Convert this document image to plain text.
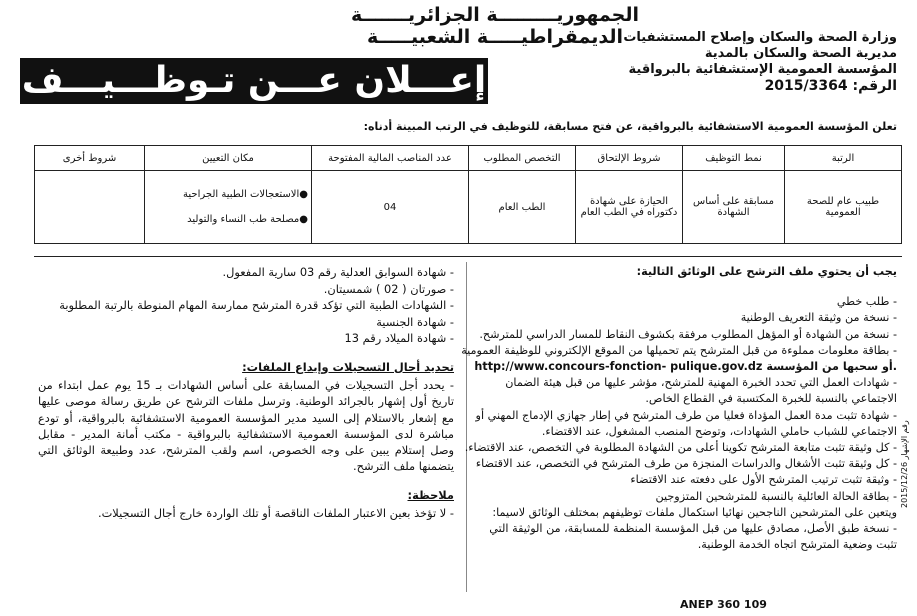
الجمهوريـــــــــة الجزائريـــــــة الديمقراطيـــــة الشعبيـــــة وزارة الصحة والسكان وإصلاح المستشفيات
مديرية الصحة والسكان بالمدية
المؤسسة العمومية الإستشفائية بالبرواقية
الرقم: 2015/3364
إعـــلان عـــن تـوظـــيـــف
تعلن المؤسسة العمومية الاستشفائية بالبرواقية، عن فتح مسابقة، للتوظيف في الرتب المبينة أدناه:
الرتبة	نمط التوظيف	شروط الإلتحاق	التخصص المطلوب	عدد المناصب المالية المفتوحة	مكان التعيين	شروط أخرى
طبيب عام للصحة العمومية	مسابقة على أساس الشهادة	الحيازة على شهادة دكتوراه في الطب العام	الطب العام	04	●الاستعجالات الطبية الجراحية
●مصلحة طب النساء والتوليد	

يجب أن يحتوي ملف الترشح على الوثائق التالية:
- طلب خطي
- نسخة من وثيقة التعريف الوطنية
- نسخة من الشهادة أو المؤهل المطلوب مرفقة بكشوف النقاط للمسار الدراسي للمترشح.
- بطاقة معلومات مملوءة من قبل المترشح يتم تحميلها من الموقع الإلكتروني للوظيفة العمومية
http://www.concours-fonction- pulique.gov.dz أو سحبها من المؤسسة.
- شهادات العمل التي تحدد الخبرة المهنية للمترشح، مؤشر عليها من قبل هيئة الضمان
الاجتماعي بالنسبة للخبرة المكتسبة في القطاع الخاص.
- شهادة تثبت مدة العمل المؤداة فعليا من طرف المترشح في إطار جهازي الإدماج المهني أو
الاجتماعي للشباب حاملي الشهادات، وتوضح المنصب المشغول، عند الاقتضاء.
- كل وثيقة تثبت متابعة المترشح تكوينا أعلى من الشهادة المطلوبة في التخصص، عند الاقتضاء.
- كل وثيقة تثبت الأشغال والدراسات المنجزة من طرف المترشح في التخصص، عند الاقتضاء
- وثيقة تثبت ترتيب المترشح الأول على دفعته عند الاقتضاء
- بطاقة الحالة العائلية بالنسبة للمترشحين المتزوجين
ويتعين على المترشحين الناجحين نهائيا استكمال ملفات توظيفهم بمختلف الوثائق لاسيما:
- نسخة طبق الأصل، مصادق عليها من قبل المؤسسة المنظمة للمسابقة، من الوثيقة التي
تثبت وضعية المترشح اتجاه الخدمة الوطنية.
- شهادة السوابق العدلية رقم 03 سارية المفعول.
- صورتان ( 02 ) شمسيتان.
- الشهادات الطبية التي تؤكد قدرة المترشح ممارسة المهام المنوطة بالرتبة المطلوبة
- شهادة الجنسية
- شهادة الميلاد رقم 13
تحديد أجال التسجيلات وإيداع الملفات:
- يحدد أجل التسجيلات في المسابقة على أساس الشهادات بـ 15 يوم عمل ابتداء من تاريخ أول إشهار بالجرائد الوطنية. وترسل ملفات الترشح عن طريق رسالة موصى عليها مع إشعار بالاستلام إلى السيد مدير المؤسسة العمومية الاستشفائية بالبرواقية، أو تودع مباشرة لدى المؤسسة العمومية الاستشفائية بالبرواقية - مكتب أمانة المدير - مقابل وصل إستلام يبين على وجه الخصوص، اسم ولقب المترشح، عدد وطبيعة الوثائق التي يتضمنها ملف الترشح.
ملاحظة:
- لا تؤخذ بعين الاعتبار الملفات الناقصة أو تلك الواردة خارج أجال التسجيلات.
رقم الإشهار 2015/12/26
ANEP 360 109
